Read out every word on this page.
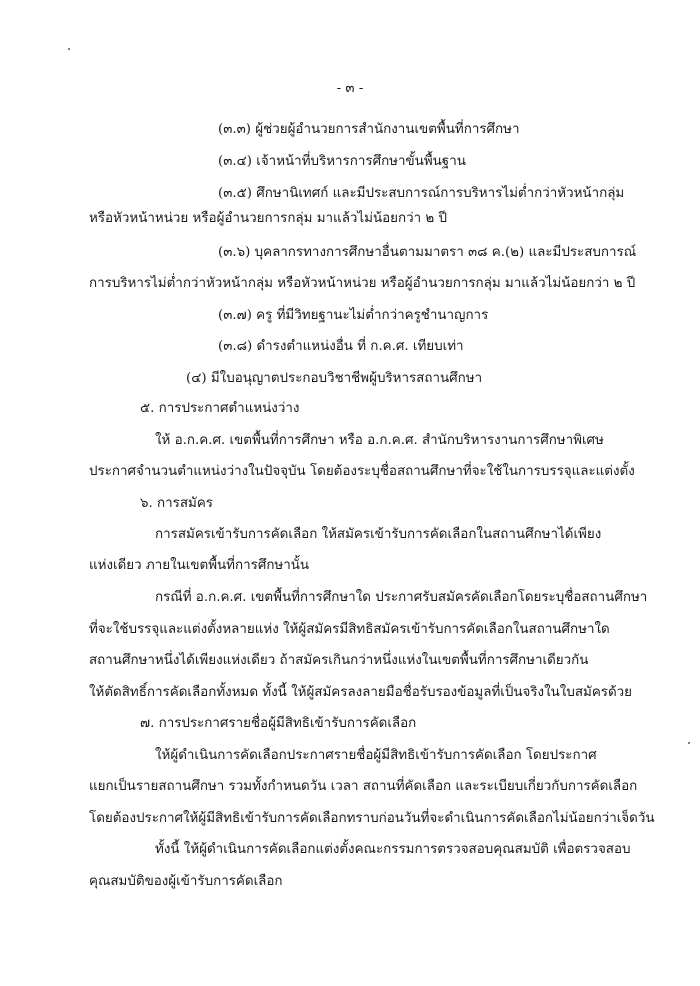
- ๓ -
(๓.๓) ผู้ช่วยผู้อำนวยการสำนักงานเขตพื้นที่การศึกษา
(๓.๔) เจ้าหน้าที่บริหารการศึกษาขั้นพื้นฐาน
(๓.๕) ศึกษานิเทศก์ และมีประสบการณ์การบริหารไม่ต่ำกว่าหัวหน้ากลุ่ม
หรือหัวหน้าหน่วย หรือผู้อำนวยการกลุ่ม มาแล้วไม่น้อยกว่า ๒ ปี
(๓.๖) บุคลากรทางการศึกษาอื่นตามมาตรา ๓๘ ค.(๒) และมีประสบการณ์
การบริหารไม่ต่ำกว่าหัวหน้ากลุ่ม หรือหัวหน้าหน่วย หรือผู้อำนวยการกลุ่ม มาแล้วไม่น้อยกว่า ๒ ปี
(๓.๗) ครู ที่มีวิทยฐานะไม่ต่ำกว่าครูชำนาญการ
(๓.๘) ดำรงตำแหน่งอื่น ที่ ก.ค.ศ. เทียบเท่า
(๔) มีใบอนุญาตประกอบวิชาชีพผู้บริหารสถานศึกษา
๕. การประกาศตำแหน่งว่าง
ให้ อ.ก.ค.ศ. เขตพื้นที่การศึกษา หรือ อ.ก.ค.ศ. สำนักบริหารงานการศึกษาพิเศษ
ประกาศจำนวนตำแหน่งว่างในปัจจุบัน โดยต้องระบุชื่อสถานศึกษาที่จะใช้ในการบรรจุและแต่งตั้ง
๖. การสมัคร
การสมัครเข้ารับการคัดเลือก ให้สมัครเข้ารับการคัดเลือกในสถานศึกษาได้เพียง
แห่งเดียว ภายในเขตพื้นที่การศึกษานั้น
กรณีที่ อ.ก.ค.ศ. เขตพื้นที่การศึกษาใด ประกาศรับสมัครคัดเลือกโดยระบุชื่อสถานศึกษา
ที่จะใช้บรรจุและแต่งตั้งหลายแห่ง ให้ผู้สมัครมีสิทธิสมัครเข้ารับการคัดเลือกในสถานศึกษาใด
สถานศึกษาหนึ่งได้เพียงแห่งเดียว ถ้าสมัครเกินกว่าหนึ่งแห่งในเขตพื้นที่การศึกษาเดียวกัน
ให้ตัดสิทธิ์การคัดเลือกทั้งหมด ทั้งนี้ ให้ผู้สมัครลงลายมือชื่อรับรองข้อมูลที่เป็นจริงในใบสมัครด้วย
๗. การประกาศรายชื่อผู้มีสิทธิเข้ารับการคัดเลือก
ให้ผู้ดำเนินการคัดเลือกประกาศรายชื่อผู้มีสิทธิเข้ารับการคัดเลือก โดยประกาศ
แยกเป็นรายสถานศึกษา รวมทั้งกำหนดวัน เวลา สถานที่คัดเลือก และระเบียบเกี่ยวกับการคัดเลือก
โดยต้องประกาศให้ผู้มีสิทธิเข้ารับการคัดเลือกทราบก่อนวันที่จะดำเนินการคัดเลือกไม่น้อยกว่าเจ็ดวัน
ทั้งนี้ ให้ผู้ดำเนินการคัดเลือกแต่งตั้งคณะกรรมการตรวจสอบคุณสมบัติ เพื่อตรวจสอบ
คุณสมบัติของผู้เข้ารับการคัดเลือก
